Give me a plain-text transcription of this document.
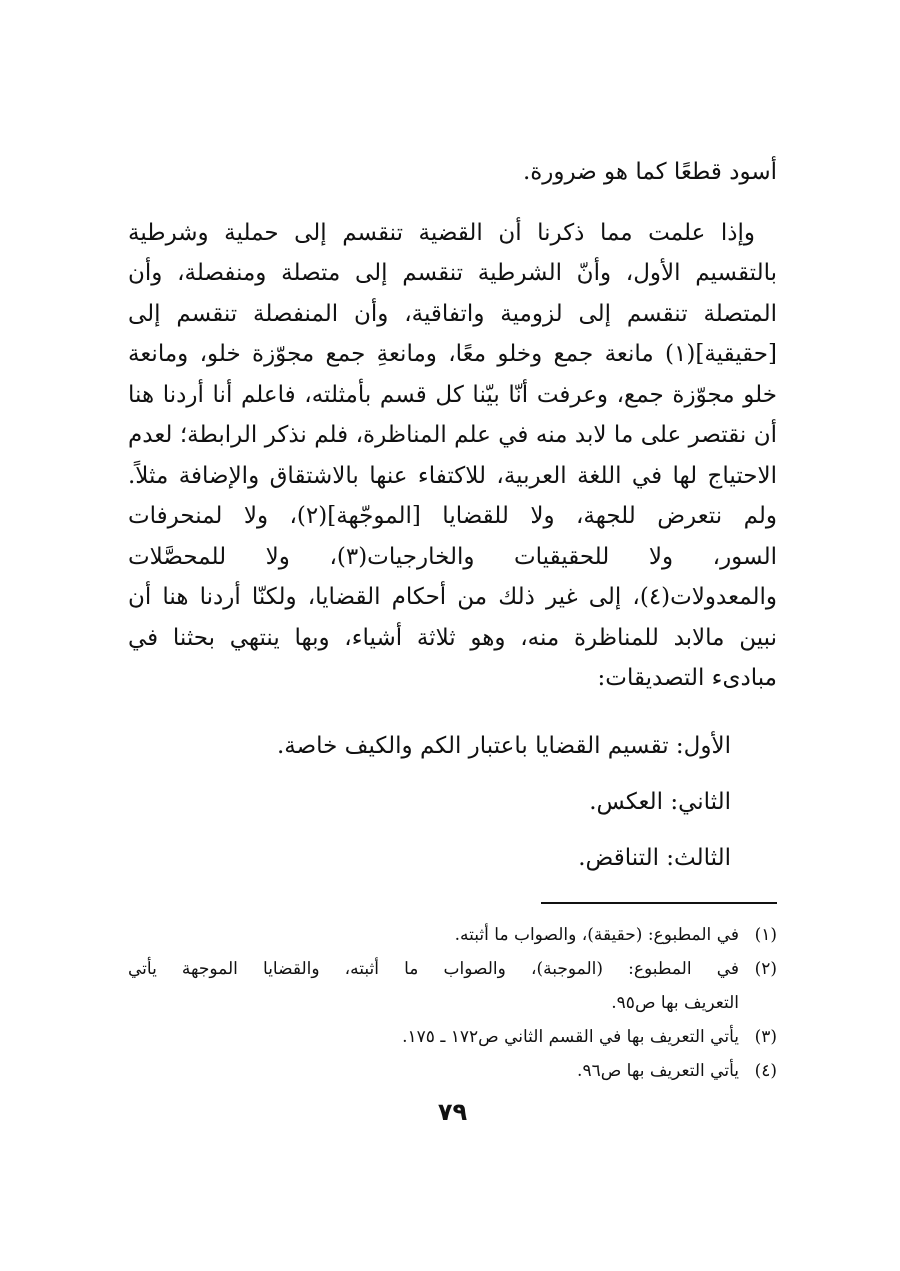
أسود قطعًا كما هو ضرورة.

وإذا علمت مما ذكرنا أن القضية تنقسم إلى حملية وشرطية
بالتقسيم الأول، وأنّ الشرطية تنقسم إلى متصلة ومنفصلة، وأن
المتصلة تنقسم إلى لزومية واتفاقية، وأن المنفصلة تنقسم إلى
[حقيقية](١) مانعة جمع وخلو معًا، ومانعةِ جمع مجوّزة خلو، ومانعة
خلو مجوّزة جمع، وعرفت أنّا بيّنا كل قسم بأمثلته، فاعلم أنا أردنا هنا
أن نقتصر على ما لابد منه في علم المناظرة، فلم نذكر الرابطة؛ لعدم
الاحتياج لها في اللغة العربية، للاكتفاء عنها بالاشتقاق والإضافة مثلاً.
ولم نتعرض للجهة، ولا للقضايا [الموجّهة](٢)، ولا لمنحرفات
السور، ولا للحقيقيات والخارجيات(٣)، ولا للمحصَّلات
والمعدولات(٤)، إلى غير ذلك من أحكام القضايا، ولكنّا أردنا هنا أن
نبين مالابد للمناظرة منه، وهو ثلاثة أشياء، وبها ينتهي بحثنا في
مبادىء التصديقات:

الأول: تقسيم القضايا باعتبار الكم والكيف خاصة.
الثاني: العكس.
الثالث: التناقض.
(١)
في المطبوع: (حقيقة)، والصواب ما أثبته.
(٢)
في المطبوع: (الموجبة)، والصواب ما أثبته، والقضايا الموجهة يأتي
التعريف بها ص٩٥.
(٣)
يأتي التعريف بها في القسم الثاني ص١٧٢ ـ ١٧٥.
(٤)
يأتي التعريف بها ص٩٦.
٧٩
